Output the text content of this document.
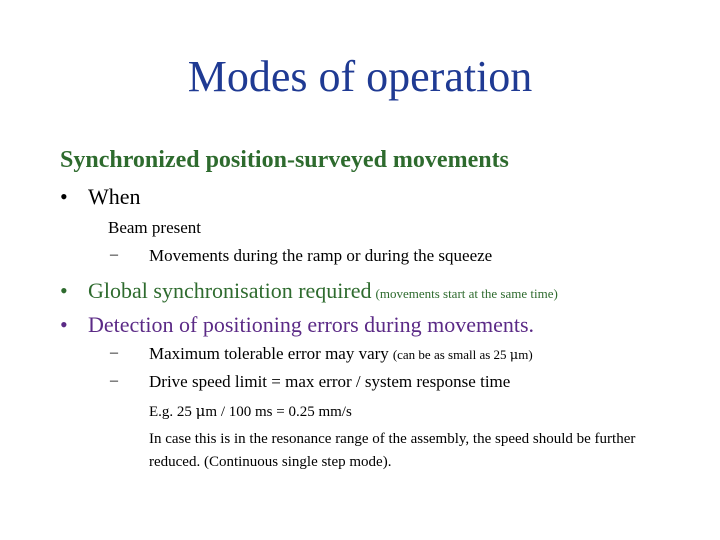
Modes of operation
Synchronized position-surveyed movements
• When
Beam present
– Movements during the ramp or during the squeeze
• Global synchronisation required (movements start at the same time)
• Detection of positioning errors during movements.
– Maximum tolerable error may vary (can be as small as 25 μm)
– Drive speed limit = max error / system response time
E.g. 25 μm / 100 ms = 0.25 mm/s
In case this is in the resonance range of the assembly, the speed should be further reduced. (Continuous single step mode).
